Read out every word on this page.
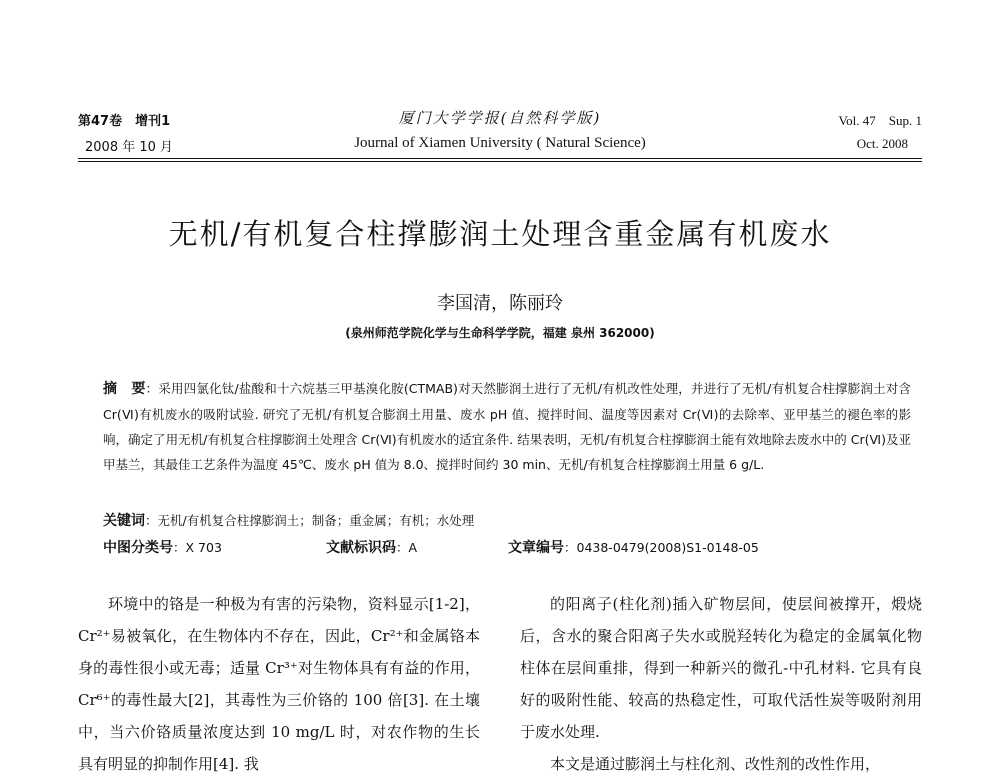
第47卷　增刊1
2008 年 10 月
厦门大学学报(自然科学版)
Journal of Xiamen University ( Natural Science)
Vol. 47　Sup. 1
Oct. 2008
无机/有机复合柱撑膨润土处理含重金属有机废水
李国清，陈丽玲
(泉州师范学院化学与生命科学学院，福建 泉州 362000)
摘　要：采用四氯化钛/盐酸和十六烷基三甲基溴化胺(CTMAB)对天然膨润土进行了无机/有机改性处理，并进行了无机/有机复合柱撑膨润土对含 Cr(Ⅵ)有机废水的吸附试验. 研究了无机/有机复合膨润土用量、废水 pH 值、搅拌时间、温度等因素对 Cr(Ⅵ)的去除率、亚甲基兰的褪色率的影响，确定了用无机/有机复合柱撑膨润土处理含 Cr(Ⅵ)有机废水的适宜条件. 结果表明，无机/有机复合柱撑膨润土能有效地除去废水中的 Cr(Ⅵ)及亚甲基兰，其最佳工艺条件为温度 45℃、废水 pH 值为 8.0、搅拌时间约 30 min、无机/有机复合柱撑膨润土用量 6 g/L.
关键词：无机/有机复合柱撑膨润土；制备；重金属；有机；水处理
中图分类号：X 703	文献标识码：A	文章编号：0438-0479(2008)S1-0148-05

环境中的铬是一种极为有害的污染物，资料显示[1-2]，Cr²⁺易被氧化，在生物体内不存在，因此，Cr²⁺和金属铬本身的毒性很小或无毒；适量 Cr³⁺对生物体具有有益的作用，Cr⁶⁺的毒性最大[2]，其毒性为三价铬的 100 倍[3]. 在土壤中，当六价铬质量浓度达到 10 mg/L 时，对农作物的生长具有明显的抑制作用[4]. 我

的阳离子(柱化剂)插入矿物层间，使层间被撑开，煅烧后，含水的聚合阳离子失水或脱羟转化为稳定的金属氧化物柱体在层间重排，得到一种新兴的微孔-中孔材料. 它具有良好的吸附性能、较高的热稳定性，可取代活性炭等吸附剂用于废水处理.

本文是通过膨润土与柱化剂、改性剂的改性作用，
